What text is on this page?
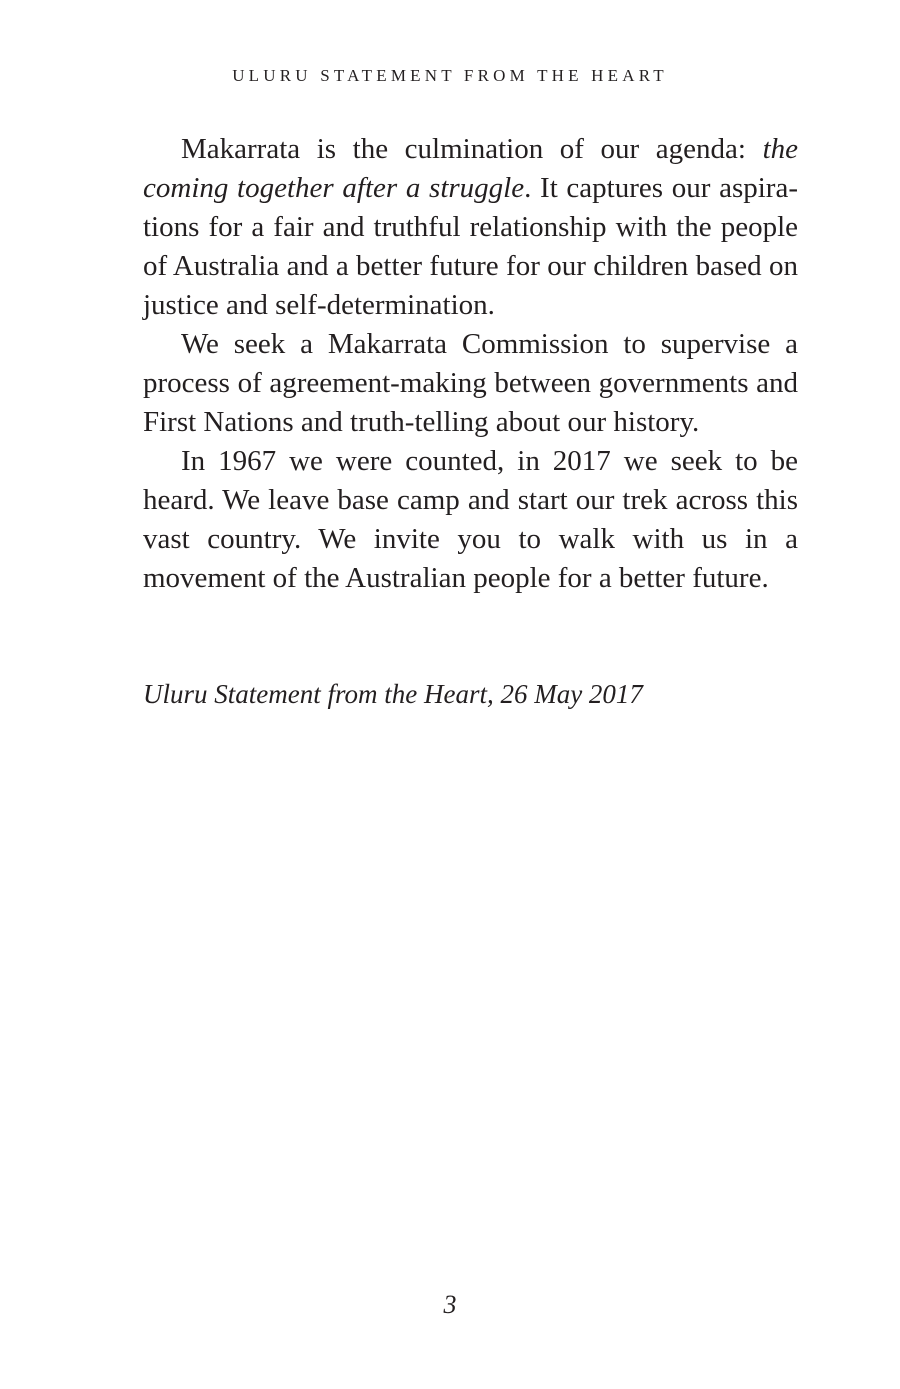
ULURU STATEMENT FROM THE HEART

Makarrata is the culmination of our agenda: the coming together after a struggle. It captures our aspirations for a fair and truthful relationship with the people of Australia and a better future for our children based on justice and self-determination.

We seek a Makarrata Commission to supervise a process of agreement-making between governments and First Nations and truth-telling about our history.

In 1967 we were counted, in 2017 we seek to be heard. We leave base camp and start our trek across this vast country. We invite you to walk with us in a movement of the Australian people for a better future.

Uluru Statement from the Heart, 26 May 2017
3
